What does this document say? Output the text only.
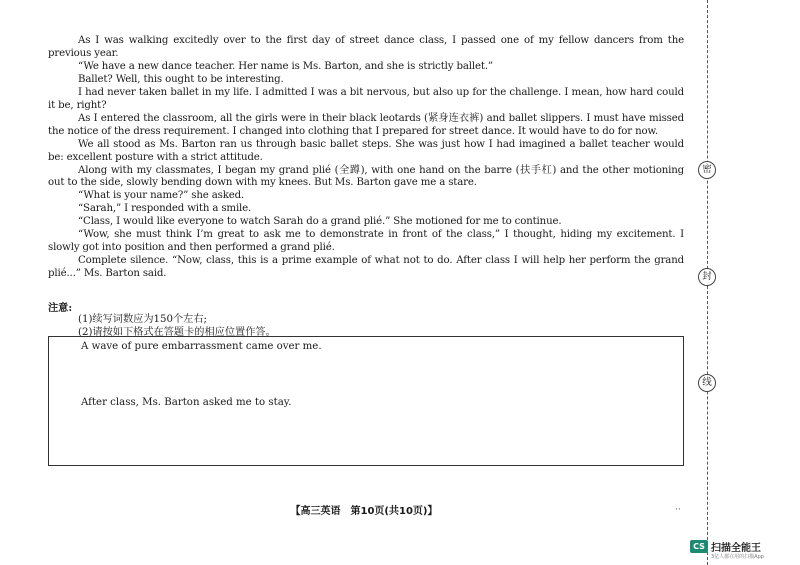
As I was walking excitedly over to the first day of street dance class, I passed one of my fellow dancers from the previous year.

“We have a new dance teacher. Her name is Ms. Barton, and she is strictly ballet.”

Ballet? Well, this ought to be interesting.

I had never taken ballet in my life. I admitted I was a bit nervous, but also up for the challenge. I mean, how hard could it be, right?

As I entered the classroom, all the girls were in their black leotards (紧身连衣裤) and ballet slippers. I must have missed the notice of the dress requirement. I changed into clothing that I prepared for street dance. It would have to do for now.

We all stood as Ms. Barton ran us through basic ballet steps. She was just how I had imagined a ballet teacher would be: excellent posture with a strict attitude.

Along with my classmates, I began my grand plié (全蹲), with one hand on the barre (扶手杠) and the other motioning out to the side, slowly bending down with my knees. But Ms. Barton gave me a stare.

“What is your name?” she asked.

“Sarah,” I responded with a smile.

“Class, I would like everyone to watch Sarah do a grand plié.” She motioned for me to continue.

“Wow, she must think I’m great to ask me to demonstrate in front of the class,” I thought, hiding my excitement. I slowly got into position and then performed a grand plié.

Complete silence. “Now, class, this is a prime example of what not to do. After class I will help her perform the grand plié...” Ms. Barton said.

注意:
(1)续写词数应为150个左右;
(2)请按如下格式在答题卡的相应位置作答。
A wave of pure embarrassment came over me.
After class, Ms. Barton asked me to stay.
【高三英语　第10页(共10页)】	··
密
封
线
CS 扫描全能王
3亿人都在用的扫描App
